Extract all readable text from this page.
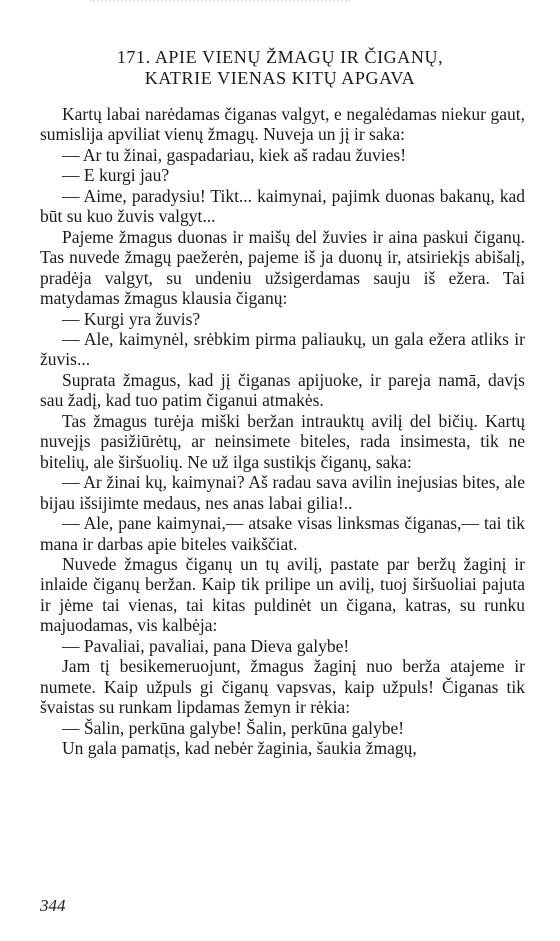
171. APIE VIENŲ ŽMAGŲ IR ČIGANŲ,
KATRIE VIENAS KITŲ APGAVA

Kartų labai narėdamas čiganas valgyt, e negalėdamas niekur gaut, sumislija apviliat vienų žmagų. Nuveja un jį ir saka:

— Ar tu žinai, gaspadariau, kiek aš radau žuvies!

— E kurgi jau?

— Aime, paradysiu! Tikt... kaimynai, pajimk duonas bakanų, kad būt su kuo žuvis valgyt...

Pajeme žmagus duonas ir maišų del žuvies ir aina paskui čiganų. Tas nuvede žmagų paežerėn, pajeme iš ja duonų ir, atsiriekįs abišalį, pradėja valgyt, su undeniu užsigerdamas sauju iš ežera. Tai matydamas žmagus klausia čiganų:

— Kurgi yra žuvis?

— Ale, kaimynėl, srėbkim pirma paliaukų, un gala ežera atliks ir žuvis...

Suprata žmagus, kad jį čiganas apijuoke, ir pareja namā, davįs sau žadį, kad tuo patim čiganui atmakės.

Tas žmagus turėja miški beržan intrauktų avilį del bičių. Kartų nuvejįs pasižiūrėtų, ar neinsimete biteles, rada insimesta, tik ne bitelių, ale širšuolių. Ne už ilga sustikįs čiganų, saka:

— Ar žinai kų, kaimynai? Aš radau sava avilin inejusias bites, ale bijau išsijimte medaus, nes anas labai gilia!..

— Ale, pane kaimynai,— atsake visas linksmas čiganas,— tai tik mana ir darbas apie biteles vaikščiat.

Nuvede žmagus čiganų un tų avilį, pastate par beržų žaginį ir inlaide čiganų beržan. Kaip tik prilipe un avilį, tuoj širšuoliai pajuta ir jėme tai vienas, tai kitas puldinėt un čigana, katras, su runku majuodamas, vis kalbėja:

— Pavaliai, pavaliai, pana Dieva galybe!

Jam tį besikemeruojunt, žmagus žaginį nuo berža atajeme ir numete. Kaip užpuls gi čiganų vapsvas, kaip užpuls! Čiganas tik švaistas su runkam lipdamas žemyn ir rėkia:

— Šalin, perkūna galybe! Šalin, perkūna galybe!

Un gala pamatįs, kad nebėr žaginia, šaukia žmagų,

344
